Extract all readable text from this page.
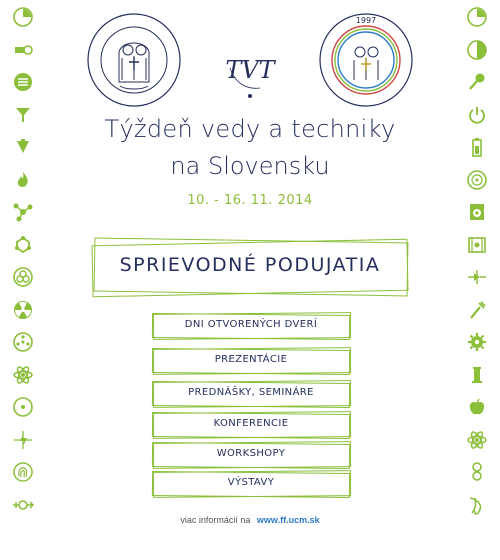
TVT
1997
Týždeň vedy a techniky
na Slovensku
10. - 16. 11. 2014
SPRIEVODNÉ PODUJATIA
DNI OTVORENÝCH DVERÍ
PREZENTÁCIE
PREDNÁŠKY, SEMINÁRE
KONFERENCIE
WORKSHOPY
VÝSTAVY
viac informácií na www.ff.ucm.sk
